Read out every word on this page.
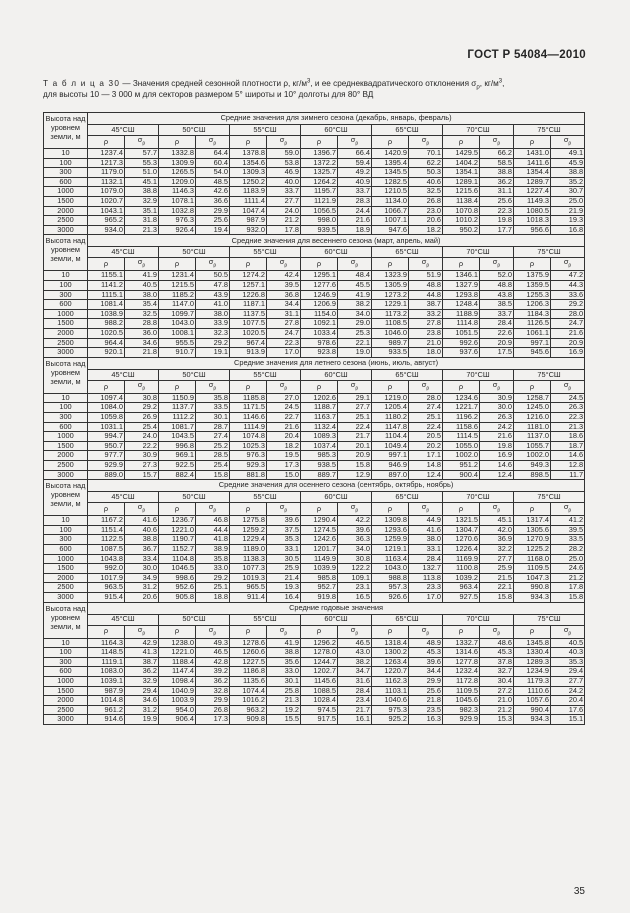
ГОСТ Р 54084—2010
Т а б л и ц а 30 — Значения средней сезонной плотности ρ, $кг/м^3$, и ее среднеквадратического отклонения $\sigma_\rho$, $кг/м^3$,
для высоты 10 — 3 000 м для секторов размером 5° широты и 10° долготы для 80° ВД
Высота над уровнем земли, м	Средние значения для зимнего сезона (декабрь, январь, февраль)													
	45°СШ		50°СШ		55°СШ		60°СШ		65°СШ		70°СШ		75°СШ	
	ρ	$\sigma_\rho$	ρ	$\sigma_\rho$	ρ	$\sigma_\rho$	ρ	$\sigma_\rho$	ρ	$\sigma_\rho$	ρ	$\sigma_\rho$	ρ	$\sigma_\rho$
10	1237.4	57.7	1332.8	64.4	1378.8	59.0	1396.7	66.4	1420.9	70.1	1429.5	66.2	1431.0	49.1
100	1217.3	55.3	1309.9	60.4	1354.6	53.8	1372.2	59.4	1395.4	62.2	1404.2	58.5	1411.6	45.9
300	1179.0	51.0	1265.5	54.0	1309.3	46.9	1325.7	49.2	1345.5	50.3	1354.1	38.8	1354.4	38.8
600	1132.1	45.1	1209.0	48.5	1250.2	40.0	1264.2	40.9	1282.5	40.6	1289.1	36.2	1289.7	35.2
1000	1079.0	38.8	1146.3	42.6	1183.9	33.7	1195.7	33.7	1210.5	32.5	1215.6	31.1	1227.4	30.7
1500	1020.7	32.9	1078.1	36.6	1111.4	27.7	1121.9	28.3	1134.0	26.8	1138.4	25.6	1149.3	25.0
2000	1043.1	35.1	1032.8	29.9	1047.4	24.0	1056.5	24.4	1066.7	23.0	1070.8	22.3	1080.5	21.9
2500	965.2	31.8	976.3	25.6	987.9	21.2	998.0	21.6	1007.1	20.6	1010.2	19.8	1018.3	19.3
3000	934.0	21.3	926.4	19.4	932.0	17.8	939.5	18.9	947.6	18.2	950.2	17.7	956.6	16.8
Высота над уровнем земли, м	Средние значения для весеннего сезона (март, апрель, май)													
	45°СШ		50°СШ		55°СШ		60°СШ		65°СШ		70°СШ		75°СШ	
	ρ	$\sigma_\rho$	ρ	$\sigma_\rho$	ρ	$\sigma_\rho$	ρ	$\sigma_\rho$	ρ	$\sigma_\rho$	ρ	$\sigma_\rho$	ρ	$\sigma_\rho$
10	1155.1	41.9	1231.4	50.5	1274.2	42.4	1295.1	48.4	1323.9	51.9	1346.1	52.0	1375.9	47.2
100	1141.2	40.5	1215.5	47.8	1257.1	39.5	1277.6	45.5	1305.9	48.8	1327.9	48.8	1359.5	44.3
300	1115.1	38.0	1185.2	43.9	1226.8	36.8	1246.9	41.9	1273.2	44.8	1293.8	43.8	1255.3	33.6
600	1081.4	35.4	1147.0	41.0	1187.1	34.4	1206.9	38.2	1229.1	38.7	1248.4	38.5	1206.3	29.2
1000	1038.9	32.5	1099.7	38.0	1137.5	31.1	1154.0	34.0	1173.2	33.2	1188.9	33.7	1184.3	28.0
1500	988.2	28.8	1043.0	33.9	1077.5	27.8	1092.1	29.0	1108.5	27.8	1114.8	28.4	1126.5	24.7
2000	1020.5	36.0	1008.1	32.3	1020.5	24.7	1033.4	25.3	1046.0	23.8	1051.5	22.6	1061.1	21.6
2500	964.4	34.6	955.5	29.2	967.4	22.3	978.6	22.1	989.7	21.0	992.6	20.9	997.1	20.9
3000	920.1	21.8	910.7	19.1	913.9	17.0	923.8	19.0	933.5	18.0	937.6	17.5	945.6	16.9
Высота над уровнем земли, м	Средние значения для летнего сезона (июнь, июль, август)													
	45°СШ		50°СШ		55°СШ		60°СШ		65°СШ		70°СШ		75°СШ	
	ρ	$\sigma_\rho$	ρ	$\sigma_\rho$	ρ	$\sigma_\rho$	ρ	$\sigma_\rho$	ρ	$\sigma_\rho$	ρ	$\sigma_\rho$	ρ	$\sigma_\rho$
10	1097.4	30.8	1150.9	35.8	1185.8	27.0	1202.6	29.1	1219.0	28.0	1234.6	30.9	1258.7	24.5
100	1084.0	29.2	1137.7	33.5	1171.5	24.5	1188.7	27.7	1205.4	27.4	1221.7	30.0	1245.0	26.3
300	1059.8	26.9	1112.2	30.1	1146.6	22.7	1163.7	25.1	1180.2	25.1	1196.2	26.3	1216.0	22.3
600	1031.1	25.4	1081.7	28.7	1114.9	21.6	1132.4	22.4	1147.8	22.4	1158.6	24.2	1181.0	21.3
1000	994.7	24.0	1043.5	27.4	1074.8	20.4	1089.3	21.7	1104.4	20.5	1114.5	21.6	1137.0	18.6
1500	950.7	22.2	996.8	25.2	1025.3	18.2	1037.4	20.1	1049.4	20.2	1055.0	19.8	1055.7	18.7
2000	977.7	30.9	969.1	28.5	976.3	19.5	985.3	20.9	997.1	17.1	1002.0	16.9	1002.0	14.6
2500	929.9	27.3	922.5	25.4	929.3	17.3	938.5	15.8	946.9	14.8	951.2	14.6	949.3	12.8
3000	889.0	15.7	882.4	15.8	881.8	15.0	889.7	12.9	897.0	12.4	900.4	12.4	898.5	11.7
Высота над уровнем земли, м	Средние значения для осеннего сезона (сентябрь, октябрь, ноябрь)													
	45°СШ		50°СШ		55°СШ		60°СШ		65°СШ		70°СШ		75°СШ	
	ρ	$\sigma_\rho$	ρ	$\sigma_\rho$	ρ	$\sigma_\rho$	ρ	$\sigma_\rho$	ρ	$\sigma_\rho$	ρ	$\sigma_\rho$	ρ	$\sigma_\rho$
10	1167.2	41.6	1236.7	46.8	1275.8	39.6	1290.4	42.2	1309.8	44.9	1321.5	45.1	1317.4	41.2
100	1151.4	40.6	1221.0	44.4	1259.2	37.5	1274.5	39.6	1293.6	41.6	1304.7	42.0	1305.6	39.5
300	1122.5	38.8	1190.7	41.8	1229.4	35.3	1242.6	36.3	1259.9	38.0	1270.6	36.9	1270.9	33.5
600	1087.5	36.7	1152.7	38.9	1189.0	33.1	1201.7	34.0	1219.1	33.1	1226.4	32.2	1225.2	28.2
1000	1043.8	33.4	1104.8	35.8	1138.3	30.5	1149.9	30.8	1163.4	28.4	1169.9	27.7	1168.0	25.0
1500	992.0	30.0	1046.5	33.0	1077.3	25.9	1039.9	122.2	1043.0	132.7	1100.8	25.9	1109.5	24.6
2000	1017.9	34.9	998.6	29.2	1019.3	21.4	985.8	109.1	988.8	113.8	1039.2	21.5	1047.3	21.2
2500	963.5	31.2	952.6	25.1	965.5	19.3	952.7	23.1	957.3	23.3	963.4	22.1	990.8	17.8
3000	915.4	20.6	905.8	18.8	911.4	16.4	919.8	16.5	926.6	17.0	927.5	15.8	934.3	15.8
Высота над уровнем земли, м	Средние годовые значения													
	45°СШ		50°СШ		55°СШ		60°СШ		65°СШ		70°СШ		75°СШ	
	ρ	$\sigma_\rho$	ρ	$\sigma_\rho$	ρ	$\sigma_\rho$	ρ	$\sigma_\rho$	ρ	$\sigma_\rho$	ρ	$\sigma_\rho$	ρ	$\sigma_\rho$
10	1164.3	42.9	1238.0	49.3	1278.6	41.9	1296.2	46.5	1318.4	48.9	1332.7	48.6	1345.8	40.5
100	1148.5	41.3	1221.0	46.5	1260.6	38.8	1278.0	43.0	1300.2	45.3	1314.6	45.3	1330.4	40.3
300	1119.1	38.7	1188.4	42.8	1227.5	35.6	1244.7	38.2	1263.4	39.6	1277.8	37.8	1289.3	35.3
600	1083.0	36.2	1147.4	39.2	1186.8	33.0	1202.7	34.7	1220.7	34.4	1232.4	32.7	1234.9	29.4
1000	1039.1	32.9	1098.4	36.2	1135.6	30.1	1145.6	31.6	1162.3	29.9	1172.8	30.4	1179.3	27.7
1500	987.9	29.4	1040.9	32.8	1074.4	25.8	1088.5	28.4	1103.1	25.6	1109.5	27.2	1110.6	24.2
2000	1014.8	34.6	1003.9	29.9	1016.2	21.3	1028.4	23.4	1040.6	21.8	1045.6	21.0	1057.6	20.4
2500	961.2	31.2	954.0	26.8	963.2	19.2	974.5	21.7	975.3	23.5	982.3	21.2	990.4	17.6
3000	914.6	19.9	906.4	17.3	909.8	15.5	917.5	16.1	925.2	16.3	929.9	15.3	934.3	15.1
35
